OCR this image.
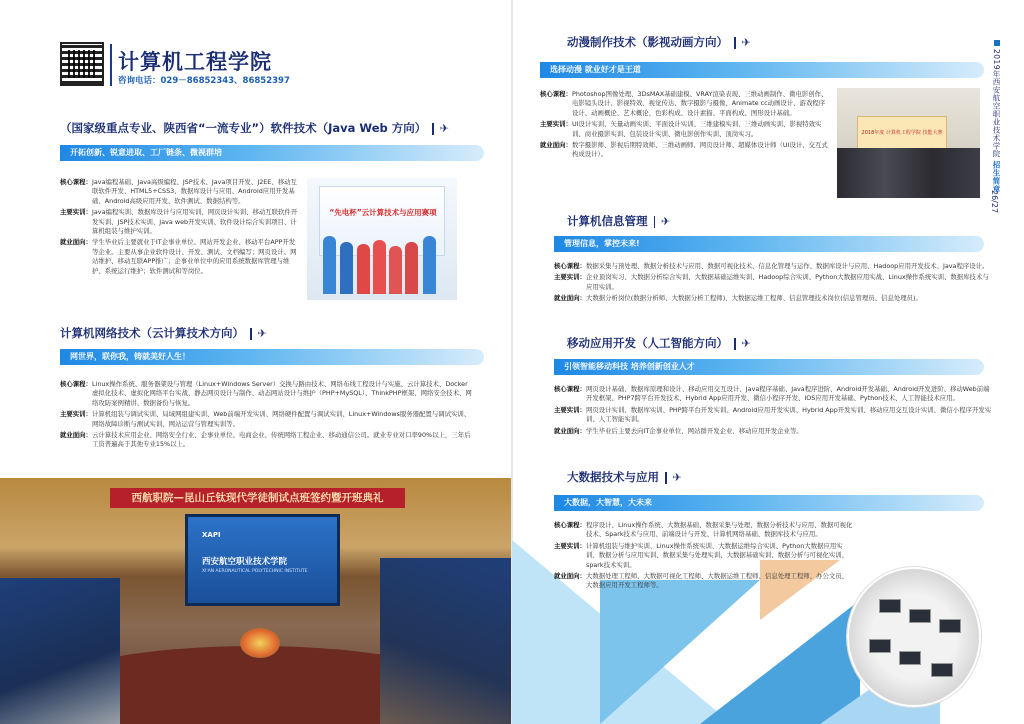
计算机工程学院
咨询电话：029－86852343、86852397
（国家级重点专业、陕西省“一流专业”）软件技术（Java Web 方向） ✈
开拓创新、锐意进取、工厂链条、微视群培
核心课程： Java编程基础、Java高级编程、JSP技术、Java项目开发、J2EE、移动互联软件开发、HTML5+CSS3、数据库设计与应用、Android应用开发基础、Android高级应用开发、软件测试、数据结构等。
主要实训： Java编程实训、数据库设计与应用实训、网页设计实训、移动互联软件开发实训、JSP技术实训、Java web开发实训、软件设计综合实训项目、计算机组装与维护实训。
就业面向： 学生毕业后主要就业于IT企事业单位、网站开发企业、移动平台APP开发等企业。主要从事企业软件设计、开发、测试、文档编写；网页设计、网站维护、移动互联APP推广；企事业单位中的应用系统数据库管理与维护、系统运行维护；软件测试和等岗位。
“先电杯”云计算技术与应用赛项
计算机网络技术（云计算技术方向） ✈
网世界，联你我，铸就美好人生！
核心课程： Linux操作系统、服务器架设与管理（Linux+Windows Server）交换与路由技术、网络布线工程设计与实施、云计算技术、Docker虚拟化技术、虚拟化网络平台实战、静态网页设计与制作、动态网站设计与维护（PHP+MySQL）、ThinkPHP框架、网络安全技术、网络攻防案例精讲、数据备份与恢复。
主要实训： 计算机组装与调试实训、局域网组建实训、Web前端开发实训、网络硬件配置与调试实训、Linux+Windows服务器配置与调试实训、网络故障诊断与测试实训、网站运营与管理实训等。
就业面向： 云计算技术应用企业、网络安全行业、企事业单位、电商企业、传统网络工程企业、移动通信公司。就业专业对口率90%以上，三年后工资普遍高于其他专业15%以上。
西航职院—昆山丘钛现代学徒制试点班签约暨开班典礼
XAPI
西安航空职业技术学院
XI'AN AERONAUTICAL POLYTECHNIC INSTITUTE
动漫制作技术（影视动画方向） ✈
选择动漫 就业好才是王道
核心课程： Photoshop图像处理、3DsMAX基础建模、VRAY渲染表现、三维动画制作、微电影创作、电影镜头设计、影视特效、视觉传达、数字摄影与摄像、Animate cc动画设计、游戏程序设计、动画概论、艺术概论、色彩构成、设计素描、平面构成、图形设计基础。
主要实训： UI设计实训、矢量动画实训、平面设计实训、三维建模实训、三维动画实训、影视特效实训、商业摄影实训、包装设计实训、微电影创作实训、顶岗实习。
就业面向： 数字摄影师、影视后期特效师、三维动画师、网页设计师、超媒体设计师（UI设计、交互式构成设计）。
计算机信息管理 ✈
管理信息，掌控未来!
核心课程： 数据采集与预处理、数据分析技术与应用、数据可视化技术、信息化管理与运作、数据库设计与应用、Hadoop应用开发技术、Java程序设计。
主要实训： 企业顶岗实习、大数据分析综合实训、大数据基础运维实训、Hadoop综合实训、Python大数据应用实战、Linux操作系统实训、数据库技术与应用实训。
就业面向： 大数据分析岗位(数据分析师、大数据分析工程师)、大数据运维工程师、信息管理技术岗位(信息管理员、信息处理员)。
移动应用开发（人工智能方向） ✈
引领智能移动科技 培养创新创业人才
核心课程： 网页设计基础、数据库原理和设计、移动应用交互设计、Java程序基础、Java程序进阶、Android开发基础、Android开发进阶、移动Web前端开发框架、PHP7跨平台开发技术、Hybrid App应用开发、微信小程序开发、IOS应用开发基础、Python技术、人工智能技术应用。
主要实训： 网页设计实训、数据库实训、PHP跨平台开发实训、Android应用开发实训、Hybrid App开发实训、移动应用交互设计实训、微信小程序开发实训、人工智能实训。
就业面向： 学生毕业后主要去向IT企事业单位、网站群开发企业、移动应用开发企业等。
大数据技术与应用 ✈
大数据，大智慧，大未来
核心课程： 程序设计、Linux操作系统、大数据基础、数据采集与处理、数据分析技术与应用、数据可视化技术、Spark技术与应用、前端设计与开发、计算机网络基础、数据库技术与应用。
主要实训： 计算机组装与维护实训、Linux操作系统实训、大数据运维综合实训、Python大数据应用实训、数据分析与应用实训、数据采集与处理实训、大数据基础实训、数据分析与可视化实训、spark技术实训。
就业面向： 大数据处理工程师、大数据可视化工程师、大数据运维工程师、信息处理工程师、办公文员、大数据应用开发工程师等。
2018年度 计算机工程学院 技能大赛	2019年西安航空职业技术学院 招生简章
26/27
